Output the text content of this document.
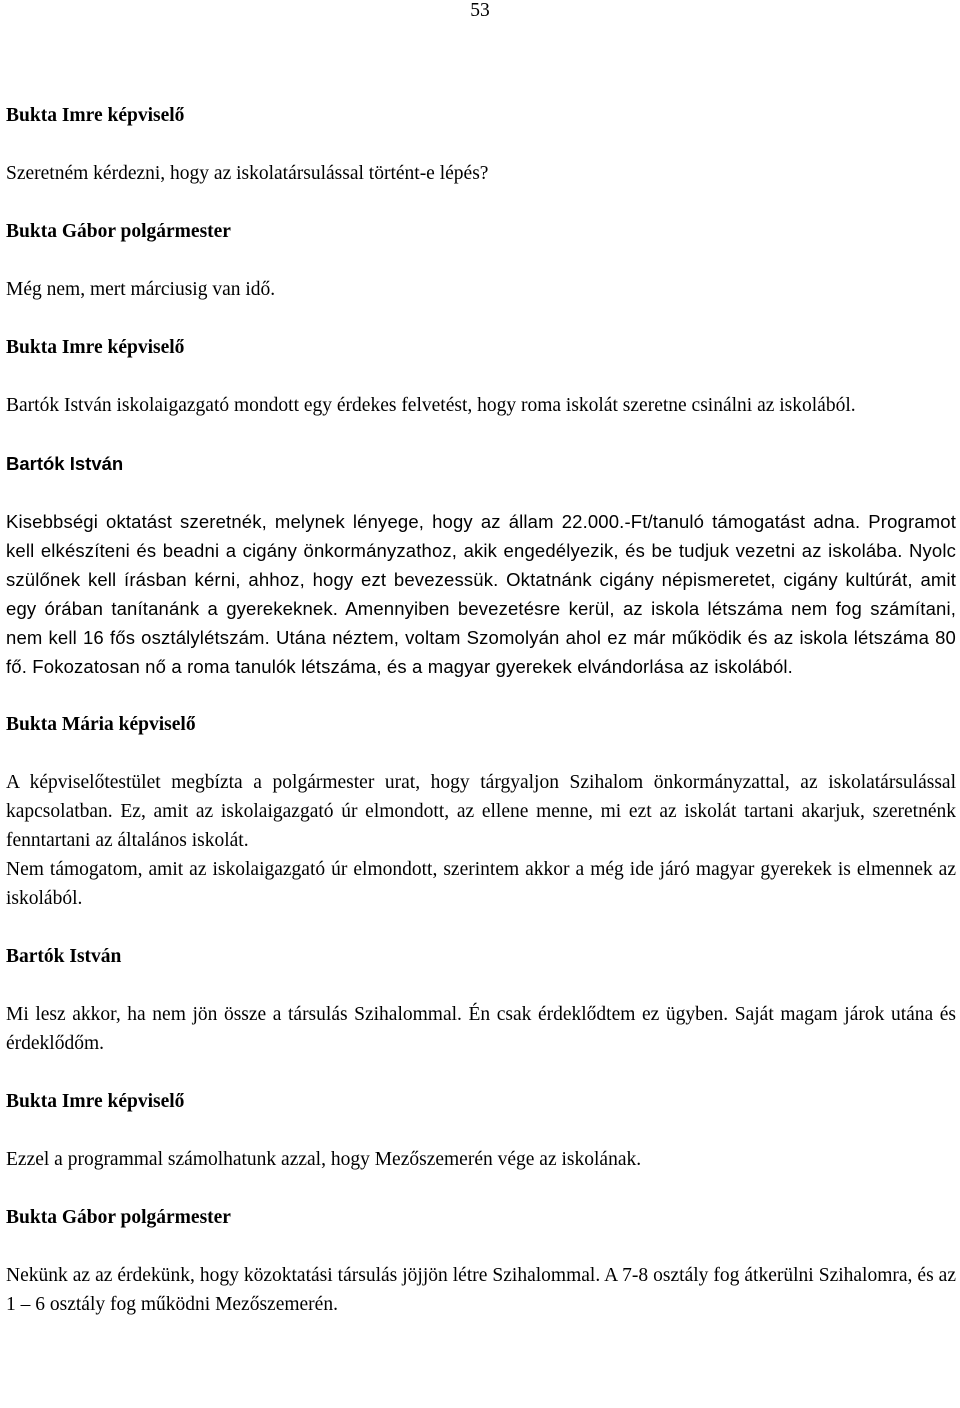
53
Bukta Imre képviselő
Szeretném kérdezni, hogy az iskolatársulással történt-e lépés?
Bukta Gábor polgármester
Még nem, mert márciusig van idő.
Bukta Imre képviselő
Bartók István iskolaigazgató mondott egy érdekes felvetést, hogy roma iskolát szeretne csinálni az iskolából.
Bartók István
Kisebbségi oktatást szeretnék, melynek lényege, hogy az állam 22.000.-Ft/tanuló támogatást adna. Programot kell elkészíteni és beadni a cigány önkormányzathoz, akik engedélyezik, és be tudjuk vezetni az iskolába. Nyolc szülőnek kell írásban kérni, ahhoz, hogy ezt bevezessük. Oktatnánk cigány népismeretet, cigány kultúrát, amit egy órában tanítanánk a gyerekeknek. Amennyiben bevezetésre kerül, az iskola létszáma nem fog számítani, nem kell 16 fős osztálylétszám. Utána néztem, voltam Szomolyán ahol ez már működik és az iskola létszáma 80 fő. Fokozatosan nő a roma tanulók létszáma, és a magyar gyerekek elvándorlása az iskolából.
Bukta Mária képviselő
A képviselőtestület megbízta a polgármester urat, hogy tárgyaljon Szihalom önkormányzattal, az iskolatársulással kapcsolatban. Ez, amit az iskolaigazgató úr elmondott, az ellene menne, mi ezt az iskolát tartani akarjuk, szeretnénk fenntartani az általános iskolát.
Nem támogatom, amit az iskolaigazgató úr elmondott, szerintem akkor a még ide járó magyar gyerekek is elmennek az iskolából.
Bartók István
Mi lesz akkor, ha nem jön össze a társulás Szihalommal. Én csak érdeklődtem ez ügyben. Saját magam járok utána és érdeklődőm.
Bukta Imre képviselő
Ezzel a programmal számolhatunk azzal, hogy Mezőszemerén vége az iskolának.
Bukta Gábor polgármester
Nekünk az az érdekünk, hogy közoktatási társulás jöjjön létre Szihalommal. A 7-8 osztály fog átkerülni Szihalomra, és az 1 – 6 osztály fog működni Mezőszemerén.
